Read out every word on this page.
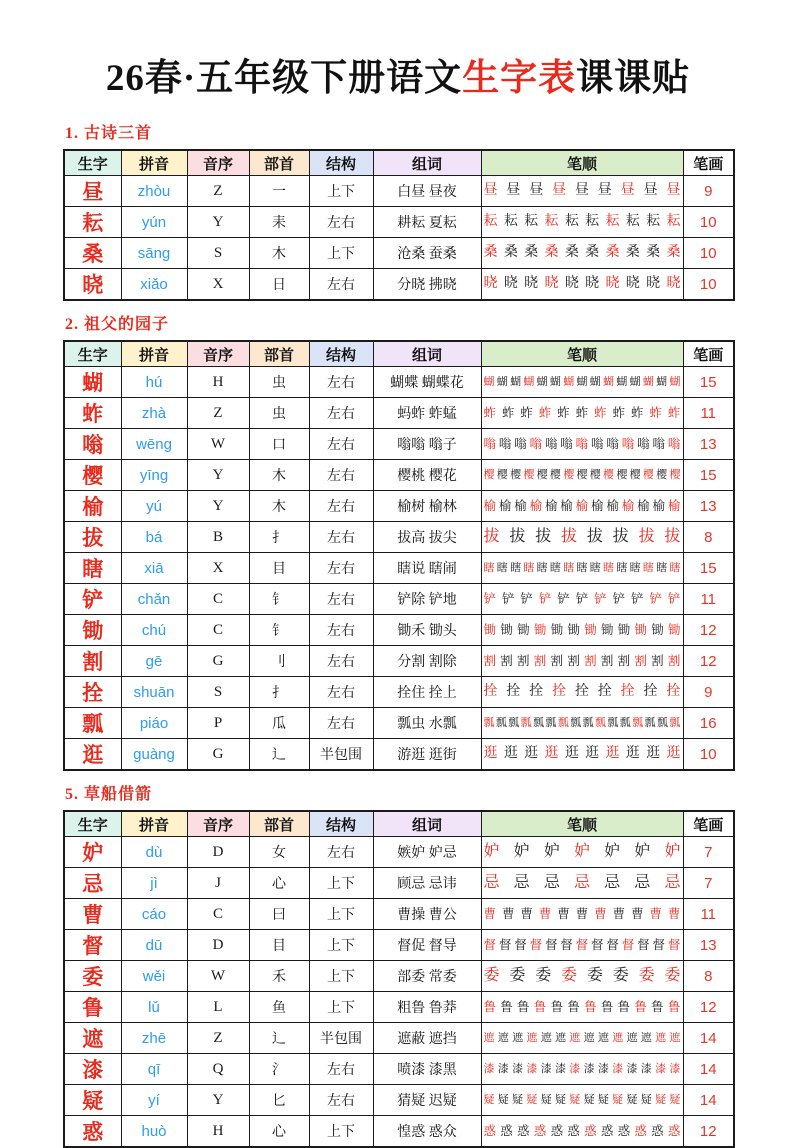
26春·五年级下册语文生字表课课贴
1. 古诗三首
生字	拼音	音序	部首	结构	组词	笔顺	笔画
昼	zhòu	Z	一	上下	白昼 昼夜	昼 昼 昼 昼 昼 昼 昼 昼 昼	9
耘	yún	Y	耒	左右	耕耘 夏耘	耘 耘 耘 耘 耘 耘 耘 耘 耘 耘	10
桑	sāng	S	木	上下	沧桑 蚕桑	桑 桑 桑 桑 桑 桑 桑 桑 桑 桑	10
晓	xiǎo	X	日	左右	分晓 拂晓	晓 晓 晓 晓 晓 晓 晓 晓 晓 晓	10
2. 祖父的园子
生字	拼音	音序	部首	结构	组词	笔顺	笔画
蝴	hú	H	虫	左右	蝴蝶 蝴蝶花	蝴 蝴 蝴 蝴 蝴 蝴 蝴 蝴 蝴 蝴 蝴 蝴 蝴 蝴 蝴	15
蚱	zhà	Z	虫	左右	蚂蚱 蚱蜢	蚱 蚱 蚱 蚱 蚱 蚱 蚱 蚱 蚱 蚱 蚱	11
嗡	wēng	W	口	左右	嗡嗡 嗡子	嗡 嗡 嗡 嗡 嗡 嗡 嗡 嗡 嗡 嗡 嗡 嗡 嗡	13
樱	yīng	Y	木	左右	樱桃 樱花	樱 樱 樱 樱 樱 樱 樱 樱 樱 樱 樱 樱 樱 樱 樱	15
榆	yú	Y	木	左右	榆树 榆林	榆 榆 榆 榆 榆 榆 榆 榆 榆 榆 榆 榆 榆	13
拔	bá	B	扌	左右	拔高 拔尖	拔 拔 拔 拔 拔 拔 拔 拔	8
瞎	xiā	X	目	左右	瞎说 瞎闹	瞎 瞎 瞎 瞎 瞎 瞎 瞎 瞎 瞎 瞎 瞎 瞎 瞎 瞎 瞎	15
铲	chǎn	C	钅	左右	铲除 铲地	铲 铲 铲 铲 铲 铲 铲 铲 铲 铲 铲	11
锄	chú	C	钅	左右	锄禾 锄头	锄 锄 锄 锄 锄 锄 锄 锄 锄 锄 锄 锄	12
割	gē	G	刂	左右	分割 割除	割 割 割 割 割 割 割 割 割 割 割 割	12
拴	shuān	S	扌	左右	拴住 拴上	拴 拴 拴 拴 拴 拴 拴 拴 拴	9
瓢	piáo	P	瓜	左右	瓢虫 水瓢	瓢 瓢 瓢 瓢 瓢 瓢 瓢 瓢 瓢 瓢 瓢 瓢 瓢 瓢 瓢 瓢	16
逛	guàng	G	辶	半包围	游逛 逛街	逛 逛 逛 逛 逛 逛 逛 逛 逛 逛	10
5. 草船借箭
生字	拼音	音序	部首	结构	组词	笔顺	笔画
妒	dù	D	女	左右	嫉妒 妒忌	妒 妒 妒 妒 妒 妒 妒	7
忌	jì	J	心	上下	顾忌 忌讳	忌 忌 忌 忌 忌 忌 忌	7
曹	cáo	C	曰	上下	曹操 曹公	曹 曹 曹 曹 曹 曹 曹 曹 曹 曹 曹	11
督	dū	D	目	上下	督促 督导	督 督 督 督 督 督 督 督 督 督 督 督 督	13
委	wěi	W	禾	上下	部委 常委	委 委 委 委 委 委 委 委	8
鲁	lǔ	L	鱼	上下	粗鲁 鲁莽	鲁 鲁 鲁 鲁 鲁 鲁 鲁 鲁 鲁 鲁 鲁 鲁	12
遮	zhē	Z	辶	半包围	遮蔽 遮挡	遮 遮 遮 遮 遮 遮 遮 遮 遮 遮 遮 遮 遮 遮	14
漆	qī	Q	氵	左右	喷漆 漆黑	漆 漆 漆 漆 漆 漆 漆 漆 漆 漆 漆 漆 漆 漆	14
疑	yí	Y	匕	左右	猜疑 迟疑	疑 疑 疑 疑 疑 疑 疑 疑 疑 疑 疑 疑 疑 疑	14
惑	huò	H	心	上下	惶惑 惑众	惑 惑 惑 惑 惑 惑 惑 惑 惑 惑 惑 惑	12
